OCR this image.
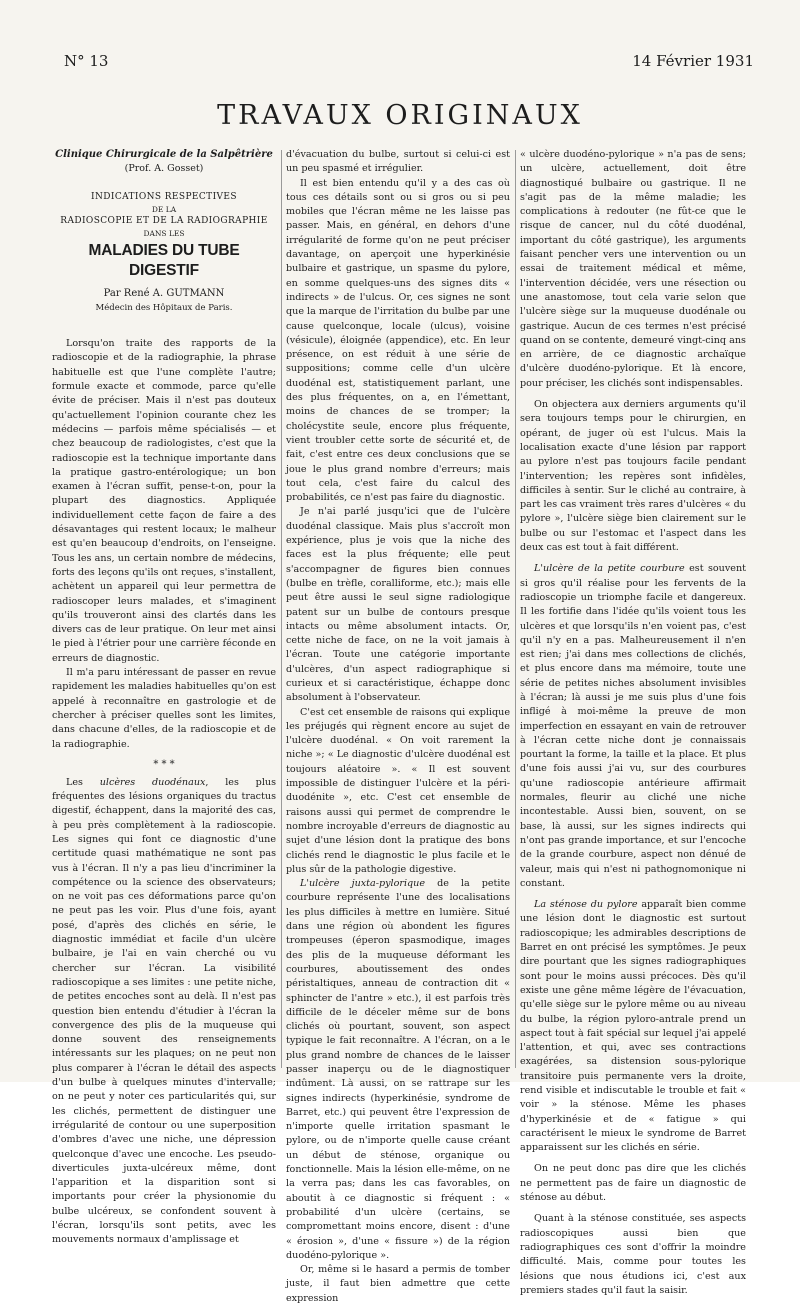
N° 13	14 Février 1931
TRAVAUX ORIGINAUX

Clinique Chirurgicale de la Salpêtrière

(Prof. A. Gosset)

INDICATIONS RESPECTIVES

DE LA

RADIOSCOPIE ET DE LA RADIOGRAPHIE

DANS LES

MALADIES DU TUBE DIGESTIF

Par René A. GUTMANN

Médecin des Hôpitaux de Paris.

Lorsqu'on traite des rapports de la radioscopie et de la radiographie, la phrase habituelle est que l'une complète l'autre; formule exacte et commode, parce qu'elle évite de préciser. Mais il n'est pas douteux qu'actuellement l'opinion courante chez les médecins — parfois même spécialisés — et chez beaucoup de radiologistes, c'est que la radioscopie est la technique importante dans la pratique gastro-entérologique; un bon examen à l'écran suffit, pense-t-on, pour la plupart des diagnostics. Appliquée individuellement cette façon de faire a des désavantages qui restent locaux; le malheur est qu'en beaucoup d'endroits, on l'enseigne. Tous les ans, un certain nombre de médecins, forts des leçons qu'ils ont reçues, s'installent, achètent un appareil qui leur permettra de radioscoper leurs malades, et s'imaginent qu'ils trouveront ainsi des clartés dans les divers cas de leur pratique. On leur met ainsi le pied à l'étrier pour une carrière féconde en erreurs de diagnostic.

Il m'a paru intéressant de passer en revue rapidement les maladies habituelles qu'on est appelé à reconnaître en gastrologie et de chercher à préciser quelles sont les limites, dans chacune d'elles, de la radioscopie et de la radiographie.

* * *

Les ulcères duodénaux, les plus fréquentes des lésions organiques du tractus digestif, échappent, dans la majorité des cas, à peu près complètement à la radioscopie. Les signes qui font ce diagnostic d'une certitude quasi mathématique ne sont pas vus à l'écran. Il n'y a pas lieu d'incriminer la compétence ou la science des observateurs; on ne voit pas ces déformations parce qu'on ne peut pas les voir. Plus d'une fois, ayant posé, d'après des clichés en série, le diagnostic immédiat et facile d'un ulcère bulbaire, je l'ai en vain cherché ou vu chercher sur l'écran. La visibilité radioscopique a ses limites : une petite niche, de petites encoches sont au delà. Il n'est pas question bien entendu d'étudier à l'écran la convergence des plis de la muqueuse qui donne souvent des renseignements intéressants sur les plaques; on ne peut non plus comparer à l'écran le détail des aspects d'un bulbe à quelques minutes d'intervalle; on ne peut y noter ces particularités qui, sur les clichés, permettent de distinguer une irrégularité de contour ou une superposition d'ombres d'avec une niche, une dépression quelconque d'avec une encoche. Les pseudo-diverticules juxta-ulcéreux même, dont l'apparition et la disparition sont si importants pour créer la physionomie du bulbe ulcéreux, se confondent souvent à l'écran, lorsqu'ils sont petits, avec les mouvements normaux d'amplissage et

d'évacuation du bulbe, surtout si celui-ci est un peu spasmé et irrégulier.

Il est bien entendu qu'il y a des cas où tous ces détails sont ou si gros ou si peu mobiles que l'écran même ne les laisse pas passer. Mais, en général, en dehors d'une irrégularité de forme qu'on ne peut préciser davantage, on aperçoit une hyperkinésie bulbaire et gastrique, un spasme du pylore, en somme quelques-uns des signes dits « indirects » de l'ulcus. Or, ces signes ne sont que la marque de l'irritation du bulbe par une cause quelconque, locale (ulcus), voisine (vésicule), éloignée (appendice), etc. En leur présence, on est réduit à une série de suppositions; comme celle d'un ulcère duodénal est, statistiquement parlant, une des plus fréquentes, on a, en l'émettant, moins de chances de se tromper; la cholécystite seule, encore plus fréquente, vient troubler cette sorte de sécurité et, de fait, c'est entre ces deux conclusions que se joue le plus grand nombre d'erreurs; mais tout cela, c'est faire du calcul des probabilités, ce n'est pas faire du diagnostic.

Je n'ai parlé jusqu'ici que de l'ulcère duodénal classique. Mais plus s'accroît mon expérience, plus je vois que la niche des faces est la plus fréquente; elle peut s'accompagner de figures bien connues (bulbe en trèfle, coralliforme, etc.); mais elle peut être aussi le seul signe radiologique patent sur un bulbe de contours presque intacts ou même absolument intacts. Or, cette niche de face, on ne la voit jamais à l'écran. Toute une catégorie importante d'ulcères, d'un aspect radiographique si curieux et si caractéristique, échappe donc absolument à l'observateur.

C'est cet ensemble de raisons qui explique les préjugés qui règnent encore au sujet de l'ulcère duodénal. « On voit rarement la niche »; « Le diagnostic d'ulcère duodénal est toujours aléatoire ». « Il est souvent impossible de distinguer l'ulcère et la péri-duodénite », etc. C'est cet ensemble de raisons aussi qui permet de comprendre le nombre incroyable d'erreurs de diagnostic au sujet d'une lésion dont la pratique des bons clichés rend le diagnostic le plus facile et le plus sûr de la pathologie digestive.

L'ulcère juxta-pylorique de la petite courbure représente l'une des localisations les plus difficiles à mettre en lumière. Situé dans une région où abondent les figures trompeuses (éperon spasmodique, images des plis de la muqueuse déformant les courbures, aboutissement des ondes péristaltiques, anneau de contraction dit « sphincter de l'antre » etc.), il est parfois très difficile de le déceler même sur de bons clichés où pourtant, souvent, son aspect typique le fait reconnaître. A l'écran, on a le plus grand nombre de chances de le laisser passer inaperçu ou de le diagnostiquer indûment. Là aussi, on se rattrape sur les signes indirects (hyperkinésie, syndrome de Barret, etc.) qui peuvent être l'expression de n'importe quelle irritation spasmant le pylore, ou de n'importe quelle cause créant un début de sténose, organique ou fonctionnelle. Mais la lésion elle-même, on ne la verra pas; dans les cas favorables, on aboutit à ce diagnostic si fréquent : « probabilité d'un ulcère (certains, se compromettant moins encore, disent : d'une « érosion », d'une « fissure ») de la région duodéno-pylorique ».

Or, même si le hasard a permis de tomber juste, il faut bien admettre que cette expression

« ulcère duodéno-pylorique » n'a pas de sens; un ulcère, actuellement, doit être diagnostiqué bulbaire ou gastrique. Il ne s'agit pas de la même maladie; les complications à redouter (ne fût-ce que le risque de cancer, nul du côté duodénal, important du côté gastrique), les arguments faisant pencher vers une intervention ou un essai de traitement médical et même, l'intervention décidée, vers une résection ou une anastomose, tout cela varie selon que l'ulcère siège sur la muqueuse duodénale ou gastrique. Aucun de ces termes n'est précisé quand on se contente, demeuré vingt-cinq ans en arrière, de ce diagnostic archaïque d'ulcère duodéno-pylorique. Et là encore, pour préciser, les clichés sont indispensables.

On objectera aux derniers arguments qu'il sera toujours temps pour le chirurgien, en opérant, de juger où est l'ulcus. Mais la localisation exacte d'une lésion par rapport au pylore n'est pas toujours facile pendant l'intervention; les repères sont infidèles, difficiles à sentir. Sur le cliché au contraire, à part les cas vraiment très rares d'ulcères « du pylore », l'ulcère siège bien clairement sur le bulbe ou sur l'estomac et l'aspect dans les deux cas est tout à fait différent.

L'ulcère de la petite courbure est souvent si gros qu'il réalise pour les fervents de la radioscopie un triomphe facile et dangereux. Il les fortifie dans l'idée qu'ils voient tous les ulcères et que lorsqu'ils n'en voient pas, c'est qu'il n'y en a pas. Malheureusement il n'en est rien; j'ai dans mes collections de clichés, et plus encore dans ma mémoire, toute une série de petites niches absolument invisibles à l'écran; là aussi je me suis plus d'une fois infligé à moi-même la preuve de mon imperfection en essayant en vain de retrouver à l'écran cette niche dont je connaissais pourtant la forme, la taille et la place. Et plus d'une fois aussi j'ai vu, sur des courbures qu'une radioscopie antérieure affirmait normales, fleurir au cliché une niche incontestable. Aussi bien, souvent, on se base, là aussi, sur les signes indirects qui n'ont pas grande importance, et sur l'encoche de la grande courbure, aspect non dénué de valeur, mais qui n'est ni pathognomonique ni constant.

La sténose du pylore apparaît bien comme une lésion dont le diagnostic est surtout radioscopique; les admirables descriptions de Barret en ont précisé les symptômes. Je peux dire pourtant que les signes radiographiques sont pour le moins aussi précoces. Dès qu'il existe une gêne même légère de l'évacuation, qu'elle siège sur le pylore même ou au niveau du bulbe, la région pyloro-antrale prend un aspect tout à fait spécial sur lequel j'ai appelé l'attention, et qui, avec ses contractions exagérées, sa distension sous-pylorique transitoire puis permanente vers la droite, rend visible et indiscutable le trouble et fait « voir » la sténose. Même les phases d'hyperkinésie et de « fatigue » qui caractérisent le mieux le syndrome de Barret apparaissent sur les clichés en série.

On ne peut donc pas dire que les clichés ne permettent pas de faire un diagnostic de sténose au début.

Quant à la sténose constituée, ses aspects radioscopiques aussi bien que radiographiques ces sont d'offrir la moindre difficulté. Mais, comme pour toutes les lésions que nous étudions ici, c'est aux premiers stades qu'il faut la saisir.
